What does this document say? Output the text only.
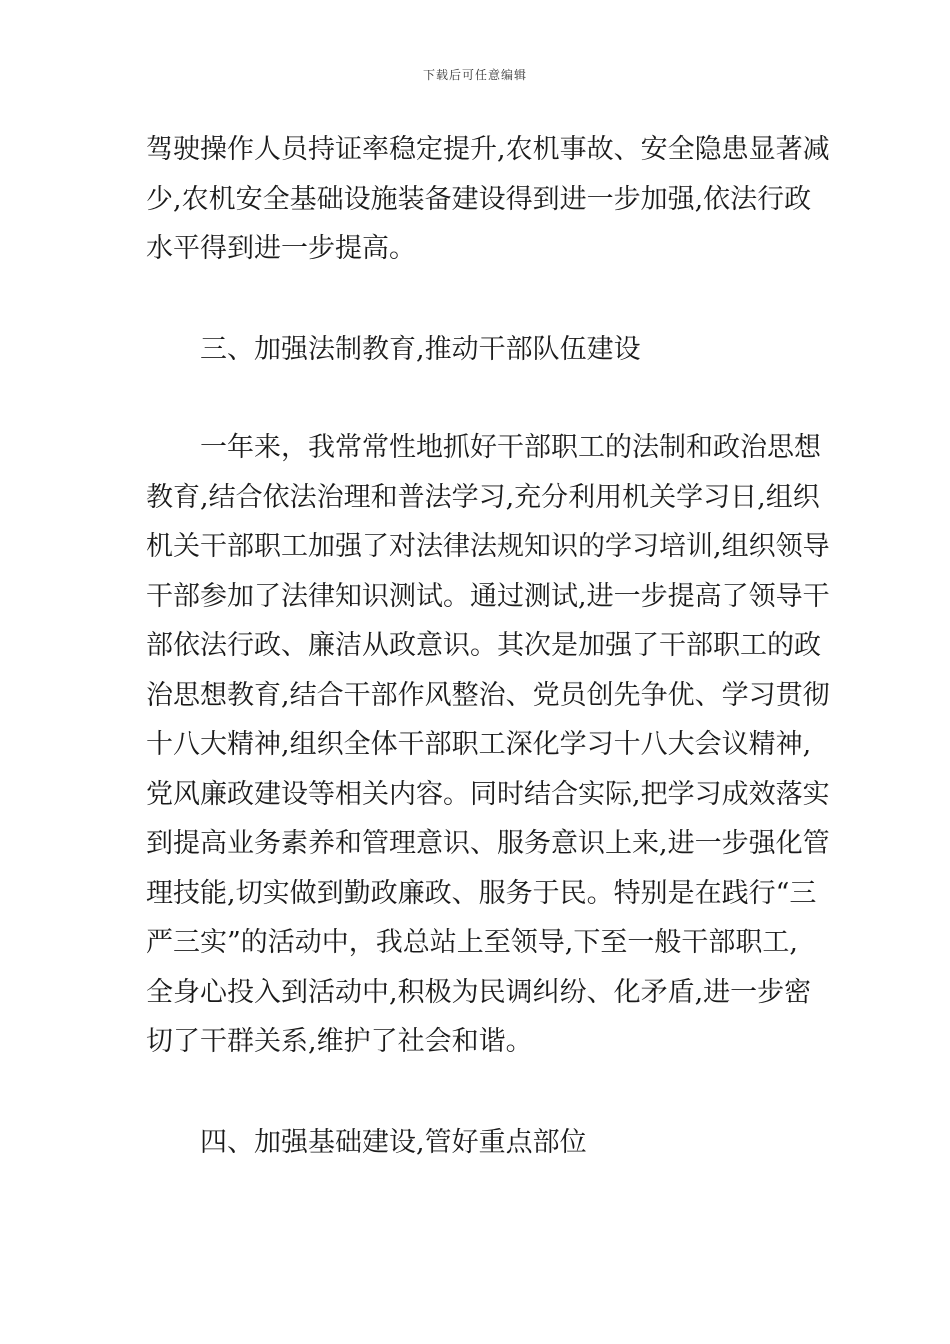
下载后可任意编辑
驾驶操作人员持证率稳定提升,农机事故、安全隐患显著减
少,农机安全基础设施装备建设得到进一步加强,依法行政
水平得到进一步提高。
三、加强法制教育,推动干部队伍建设
一年来，我常常性地抓好干部职工的法制和政治思想
教育,结合依法治理和普法学习,充分利用机关学习日,组织
机关干部职工加强了对法律法规知识的学习培训,组织领导
干部参加了法律知识测试。通过测试,进一步提高了领导干
部依法行政、廉洁从政意识。其次是加强了干部职工的政
治思想教育,结合干部作风整治、党员创先争优、学习贯彻
十八大精神,组织全体干部职工深化学习十八大会议精神,
党风廉政建设等相关内容。同时结合实际,把学习成效落实
到提高业务素养和管理意识、服务意识上来,进一步强化管
理技能,切实做到勤政廉政、服务于民。特别是在践行“三
严三实”的活动中，我总站上至领导,下至一般干部职工,
全身心投入到活动中,积极为民调纠纷、化矛盾,进一步密
切了干群关系,维护了社会和谐。
四、加强基础建设,管好重点部位
